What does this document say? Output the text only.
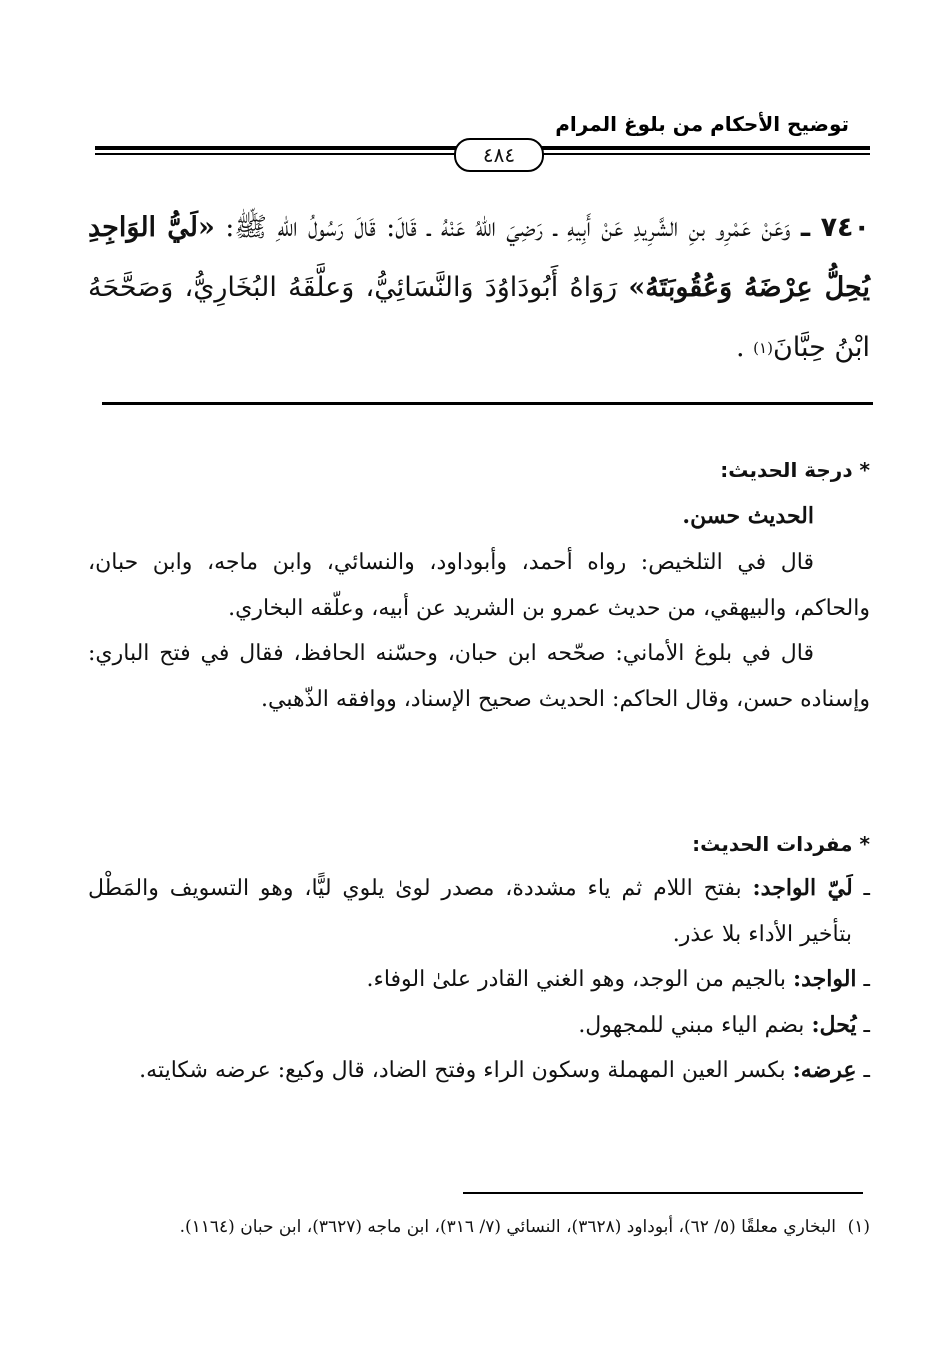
توضيح الأحكام من بلوغ المرام
٤٨٤
٧٤٠ ـ وَعَنْ عَمْرِو بنِ الشَّرِيدِ عَنْ أَبِيهِ ـ رَضِيَ اللهُ عَنْهُ ـ قَالَ: قَالَ رَسُولُ اللهِ ﷺ: «لَيُّ الوَاجِدِ يُحِلُّ عِرْضَهُ وَعُقُوبَتَهُ» رَوَاهُ أَبُودَاوُدَ وَالنَّسَائِيُّ، وَعلَّقَهُ البُخَارِيُّ، وَصَحَّحَهُ ابْنُ حِبَّانَ$^{(١)}$ .
* درجة الحديث:
الحديث حسن.

قال في التلخيص: رواه أحمد، وأبوداود، والنسائي، وابن ماجه، وابن حبان، والحاكم، والبيهقي، من حديث عمرو بن الشريد عن أبيه، وعلّقه البخاري.

قال في بلوغ الأماني: صحّحه ابن حبان، وحسّنه الحافظ، فقال في فتح الباري: وإسناده حسن، وقال الحاكم: الحديث صحيح الإسناد، ووافقه الذّهبي.

* مفردات الحديث:

ـ لَيّ الواجد: بفتح اللام ثم ياء مشددة، مصدر لوىٰ يلوي ليًّا، وهو التسويف والمَطْل بتأخير الأداء بلا عذر.

ـ الواجد: بالجيم من الوجد، وهو الغني القادر علىٰ الوفاء.

ـ يُحل: بضم الياء مبني للمجهول.

ـ عِرضه: بكسر العين المهملة وسكون الراء وفتح الضاد، قال وكيع: عرضه شكايته.

(١)
البخاري معلقًا (٥/ ٦٢)، أبوداود (٣٦٢٨)، النسائي (٧/ ٣١٦)، ابن ماجه (٣٦٢٧)، ابن حبان (١١٦٤).
